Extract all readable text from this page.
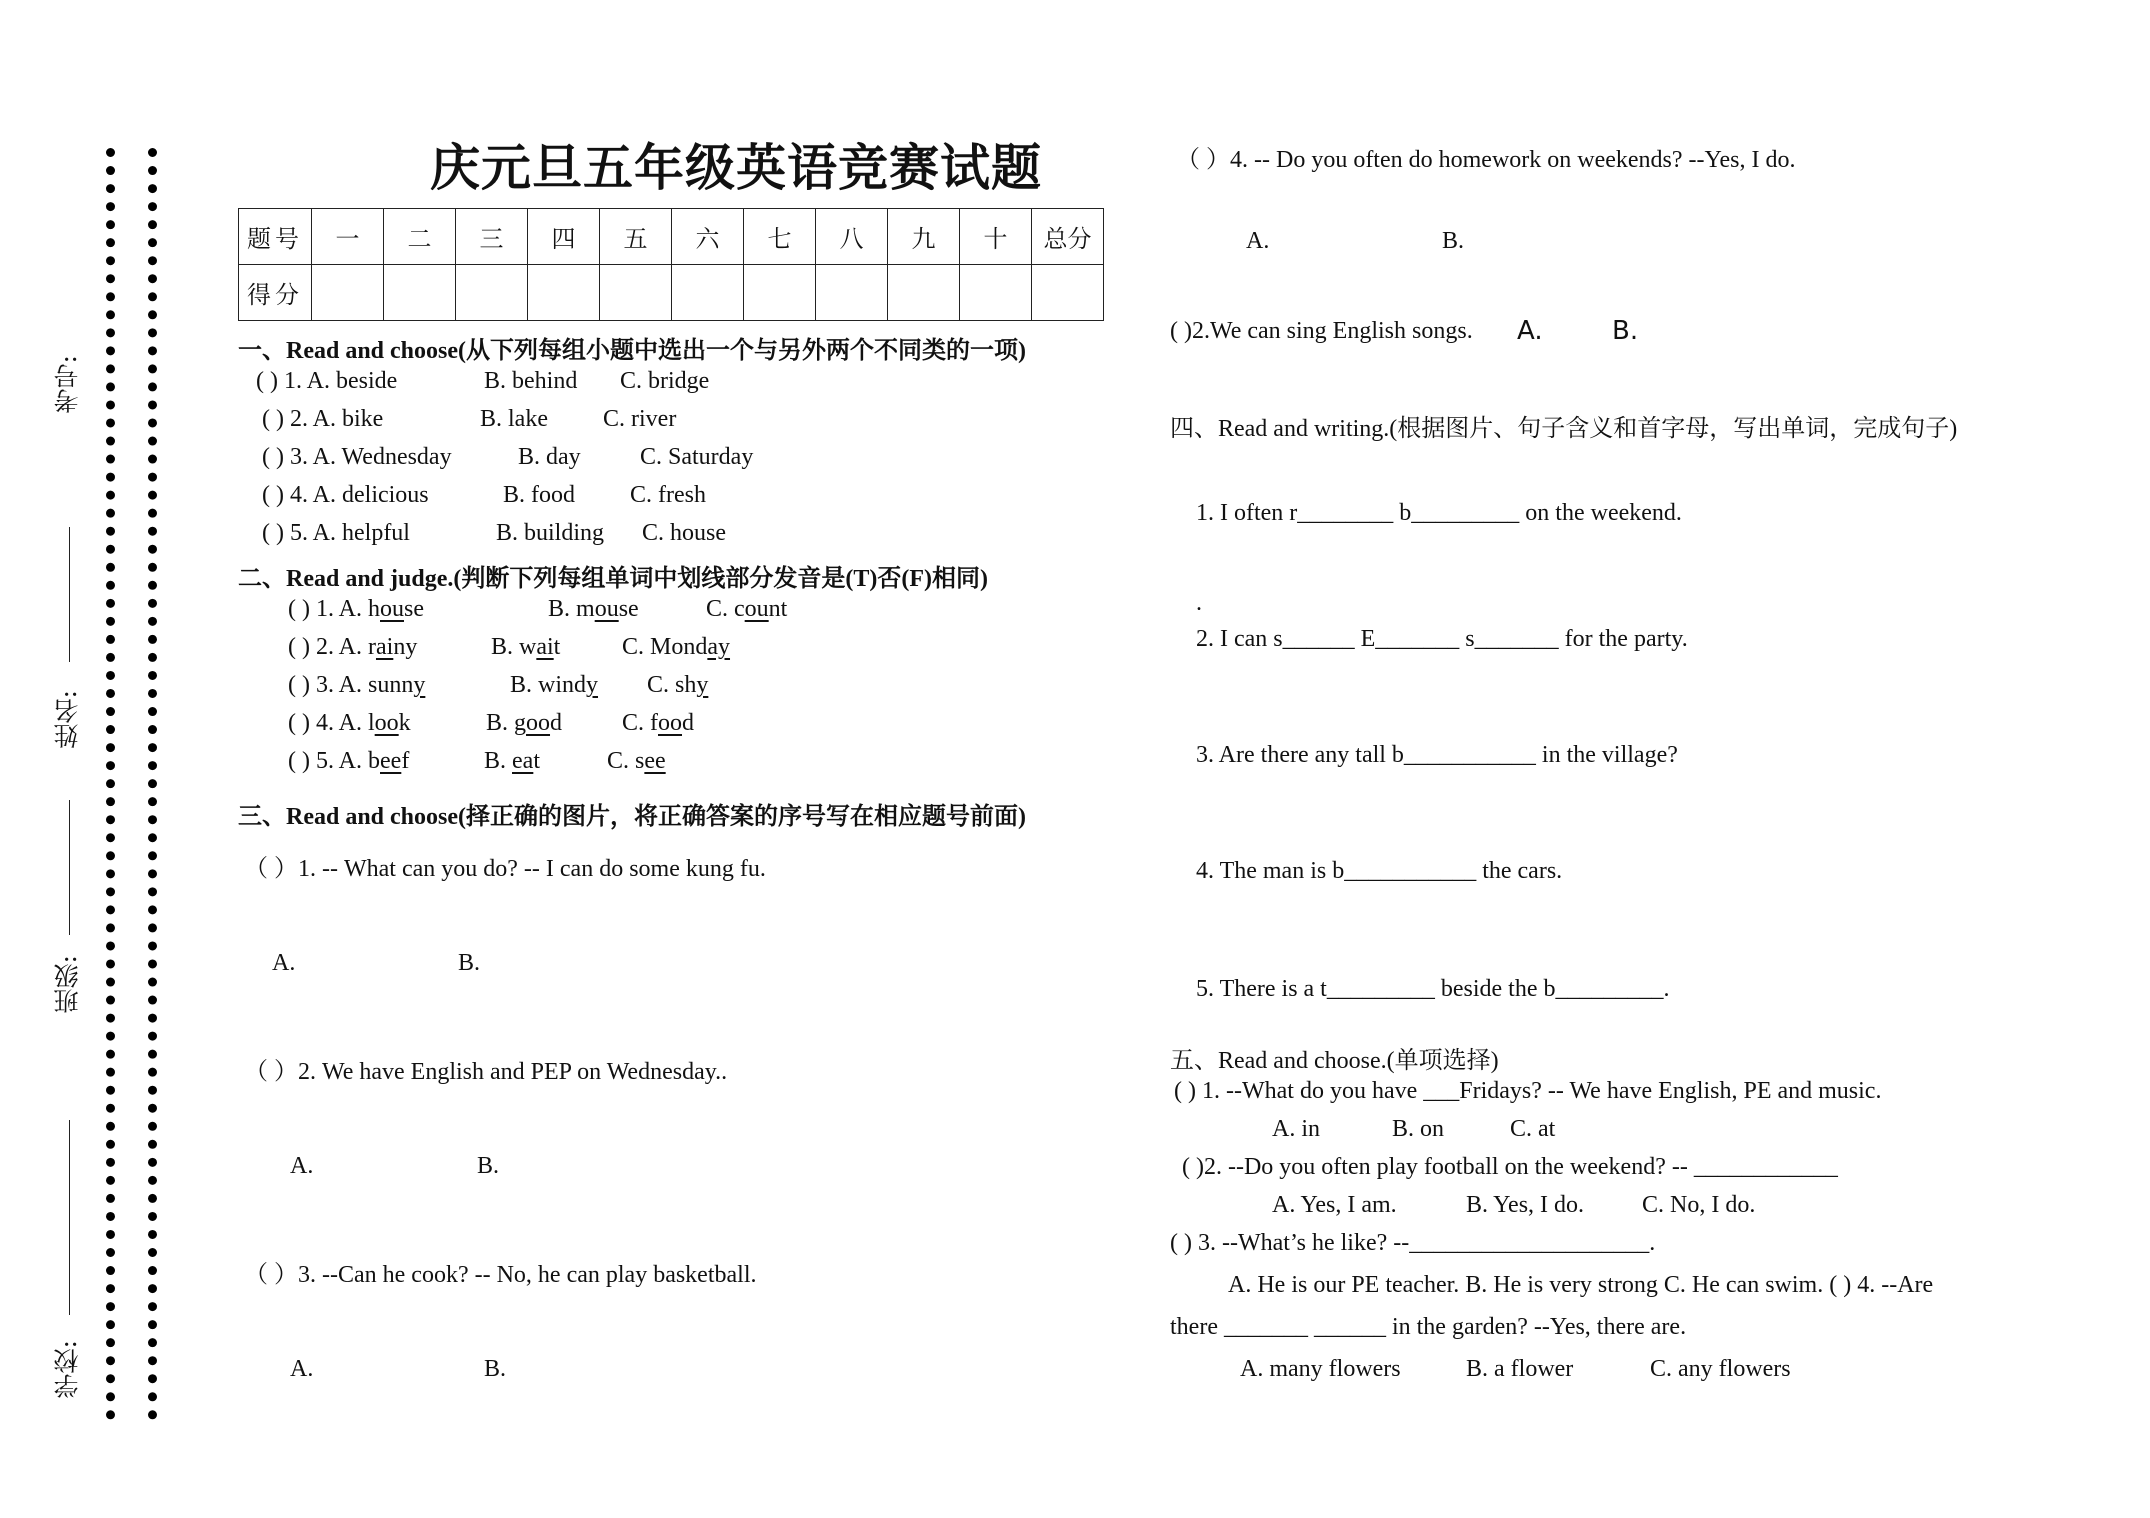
考号:
姓名:
班级:
学校:
庆元旦五年级英语竞赛试题
题号	一	二	三	四	五	六	七	八	九	十	总分
得分											
一、Read and choose(从下列每组小题中选出一个与另外两个不同类的一项)
( ) 1. A. beside	B. behind C. bridge
( ) 2. A. bike	B. lake C. river
( ) 3. A. Wednesday	B. day C. Saturday
( ) 4. A. delicious	B. food C. fresh
( ) 5. A. helpful	B. building C. house
二、Read and judge.(判断下列每组单词中划线部分发音是(T)否(F)相同)
( ) 1. A. house	B. mouse	C. count
( ) 2. A. rainy	B. wait	C. Monday
( ) 3. A. sunny	B. windy C. shy
( ) 4. A. look	B. good C. food
( ) 5. A. beef	B. eat	C. see
三、Read and choose(择正确的图片，将正确答案的序号写在相应题号前面)
（ ）1. -- What can you do? -- I can do some kung fu.
A.	B.
（ ）2. We have English and PEP on Wednesday..
A.	B.
（ ）3. --Can he cook? -- No, he can play basketball.
A.	B.
（ ）4. -- Do you often do homework on weekends? --Yes, I do.
A.	B.
( )2.We can sing English songs. A.	B.
四、Read and writing.(根据图片、句子含义和首字母，写出单词，完成句子)
1. I often r________ b_________ on the weekend.
.
2. I can s______ E_______ s_______ for the party.
3. Are there any tall b___________ in the village?
4. The man is b___________ the cars.
5. There is a t_________ beside the b_________.
五、Read and choose.(单项选择)
( ) 1. --What do you have ___Fridays? -- We have English, PE and music.
A. in	B. on	C. at
( )2. --Do you often play football on the weekend? -- ____________
A. Yes, I am.	B. Yes, I do. C. No, I do.
( ) 3. --What’s he like? --____________________.
A. He is our PE teacher. B. He is very strong C. He can swim. ( ) 4. --Are
there _______ ______ in the garden? --Yes, there are.
A. many flowers	B. a flower	C. any flowers
